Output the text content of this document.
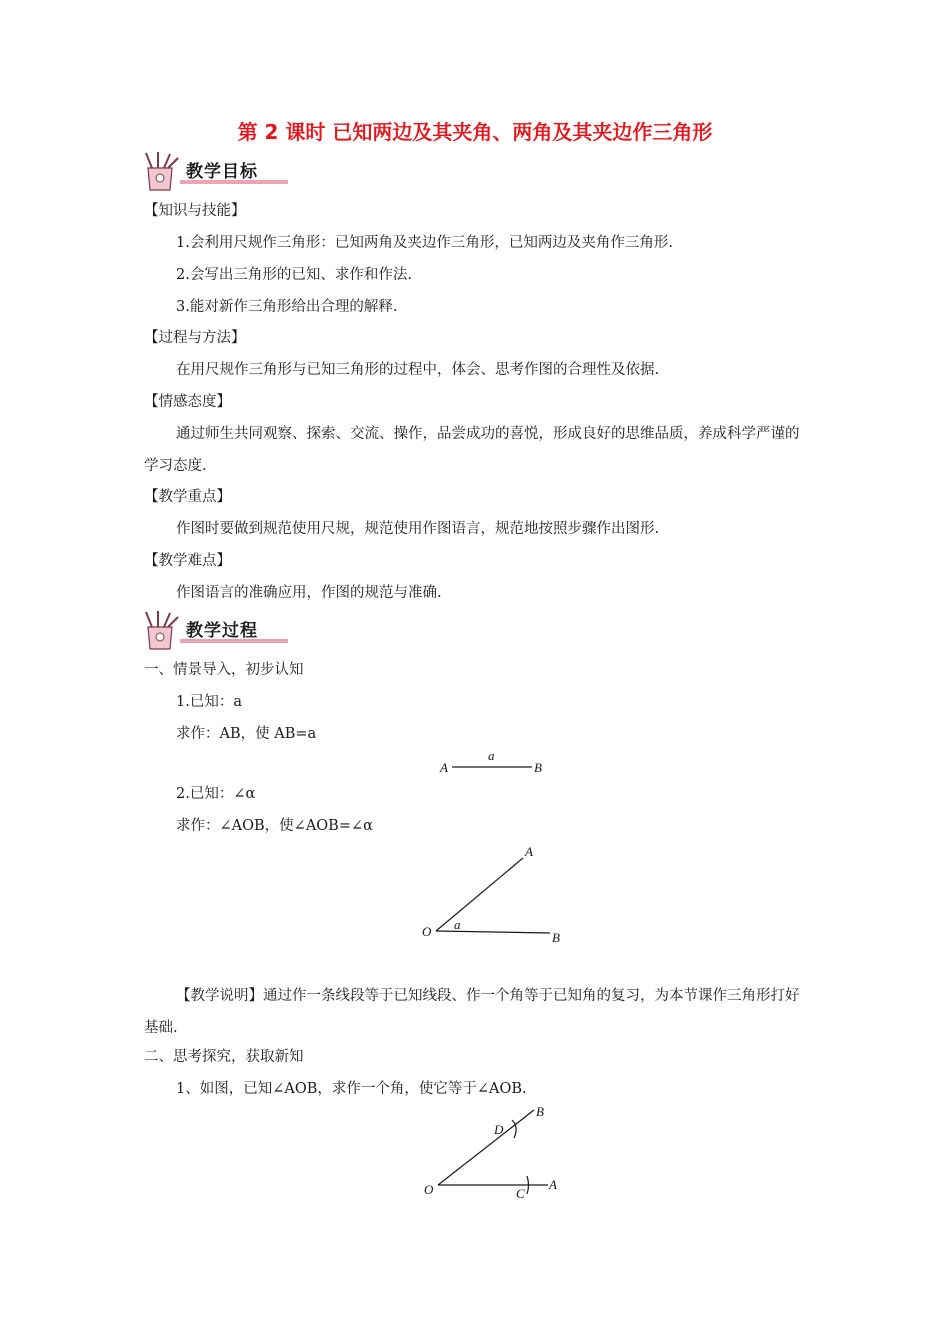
第 2 课时 已知两边及其夹角、两角及其夹边作三角形
教学目标
【知识与技能】
1.会利用尺规作三角形：已知两角及夹边作三角形，已知两边及夹角作三角形.
2.会写出三角形的已知、求作和作法.
3.能对新作三角形给出合理的解释.
【过程与方法】
在用尺规作三角形与已知三角形的过程中，体会、思考作图的合理性及依据.
【情感态度】
通过师生共同观察、探索、交流、操作，品尝成功的喜悦，形成良好的思维品质，养成科学严谨的学习态度.
【教学重点】
作图时要做到规范使用尺规，规范使用作图语言，规范地按照步骤作出图形.
【教学难点】
作图语言的准确应用，作图的规范与准确.
教学过程
一、情景导入，初步认知
1.已知：a
求作：AB，使 AB=a
A	B
a
2.已知：∠α
求作：∠AOB，使∠AOB=∠α
O
A
B
a
【教学说明】通过作一条线段等于已知线段、作一个角等于已知角的复习，为本节课作三角形打好基础.
二、思考探究，获取新知
1、如图，已知∠AOB，求作一个角，使它等于∠AOB.
O
B
A
C
D
